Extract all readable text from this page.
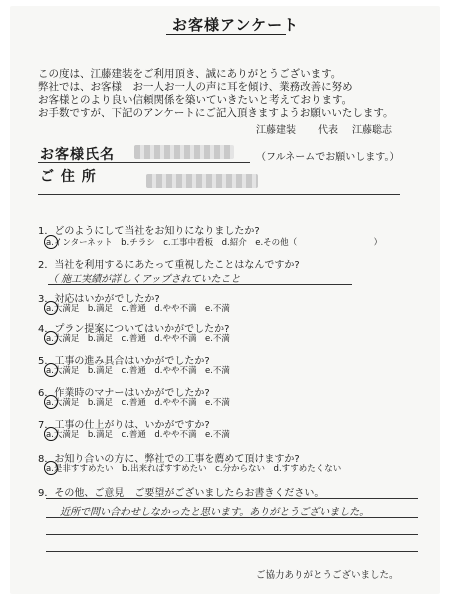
お客様アンケート
この度は、江藤建装をご利用頂き、誠にありがとうございます。
弊社では、お客様　お一人お一人の声に耳を傾け、業務改善に努め
お客様とのより良い信頼関係を築いていきたいと考えております。
お手数ですが、下記のアンケートにご記入頂きますようお願いいたします。
江藤建装 代表 江藤聡志
お客様氏名	（フルネームでお願いします。）
ご 住 所
1．どのようにして当社をお知りになりましたか?
a.インターネット　b.チラシ　c.工事中看板　d.紹介　e.その他（　　　　　　　　　）
2．当社を利用するにあたって重視したことはなんですか?
（ 施工実績が詳しくアップされていたこと
3．対応はいかがでしたか?
a.大満足　b.満足　c.普通　d.やや不満　e.不満
4．プラン提案についてはいかがでしたか?
a.大満足　b.満足　c.普通　d.やや不満　e.不満
5．工事の進み具合はいかがでしたか?
a.大満足　b.満足　c.普通　d.やや不満　e.不満
6．作業時のマナーはいかがでしたか?
a.大満足　b.満足　c.普通　d.やや不満　e.不満
7．工事の仕上がりは、いかがですか?
a.大満足　b.満足　c.普通　d.やや不満　e.不満
8．お知り合いの方に、弊社での工事を薦めて頂けますか?
a.是非すすめたい　b.出来ればすすめたい　c.分からない　d.すすめたくない
9．その他、ご意見　ご要望がございましたらお書きください。
近所で問い合わせしなかったと思います。ありがとうございました。
ご協力ありがとうございました。
